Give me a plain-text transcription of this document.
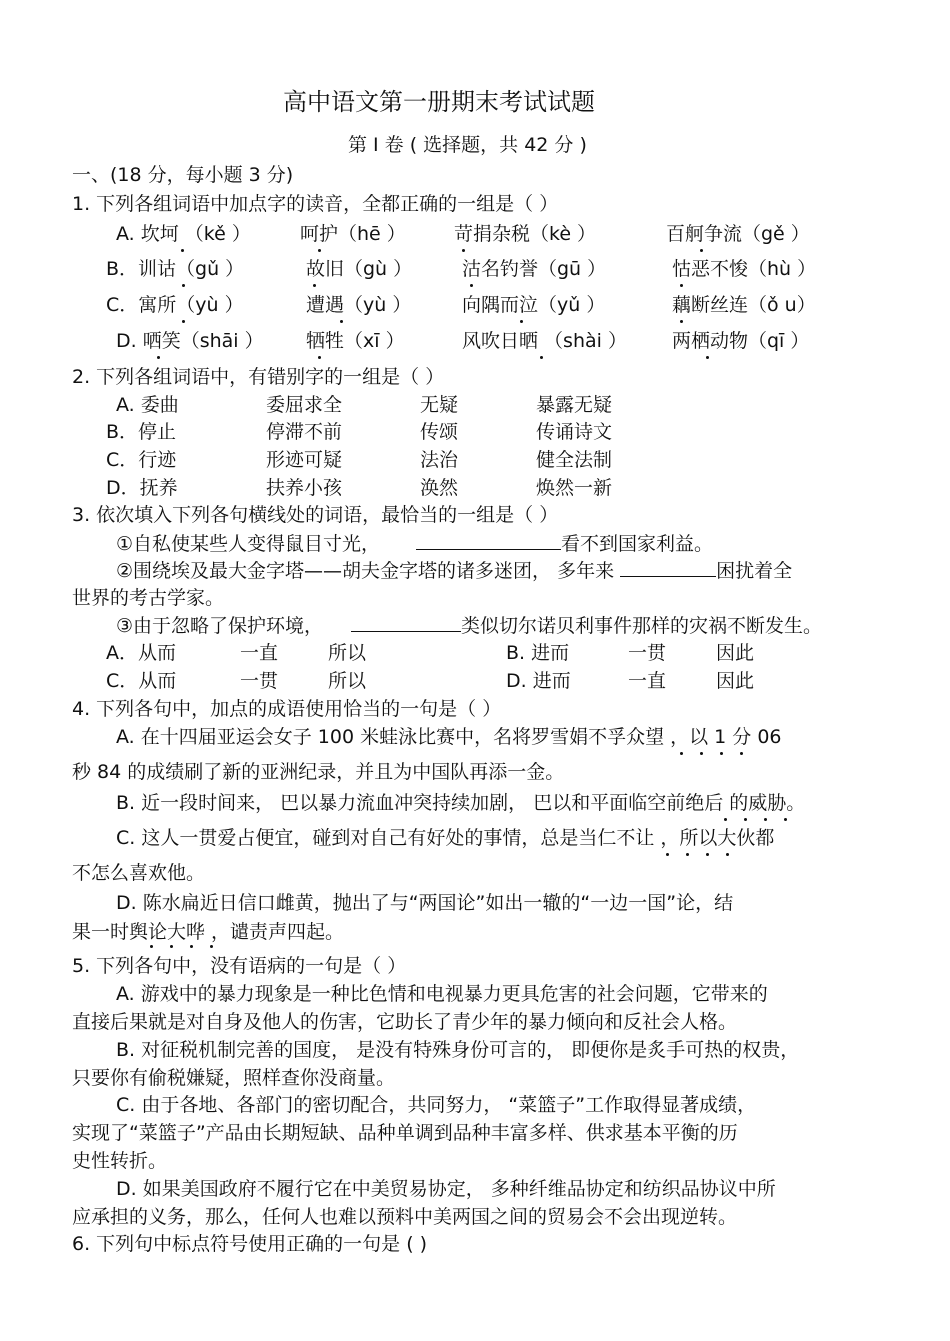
高中语文第一册期末考试试题
第 I 卷 ( 选择题，共 42 分 )
一、(18 分，每小题 3 分)
1. 下列各组词语中加点字的读音，全都正确的一组是（ ）
A. 坎坷 （kě ）	呵护（hē ）	苛捐杂税（kè ）	百舸争流（gě ）
B．训诂（gǔ ）	故旧（gù ）	沽名钓誉（gū ）	怙恶不悛（hù ）
C．寓所（yù ）	遭遇（yù ）	向隅而泣（yǔ ）	藕断丝连（ǒ u）
D. 哂笑（shāi ） 牺牲（xī ）	风吹日晒 （shài ） 两栖动物（qī ）
2. 下列各组词语中，有错别字的一组是（ ）
A. 委曲	委屈求全	无疑	暴露无疑
B．停止	停滞不前	传颂	传诵诗文
C．行迹	形迹可疑	法治	健全法制
D．抚养	扶养小孩	涣然	焕然一新
3. 依次填入下列各句横线处的词语，最恰当的一组是（ ）
①自私使某些人变得鼠目寸光，	看不到国家利益。
②围绕埃及最大金字塔——胡夫金字塔的诸多迷团， 多年来	困扰着全
世界的考古学家。
③由于忽略了保护环境，	类似切尔诺贝利事件那样的灾祸不断发生。
A．从而	一直	所以	B. 进而	一贯	因此
C．从而	一贯	所以	D. 进而	一直	因此
4. 下列各句中，加点的成语使用恰当的一句是（ ）
A. 在十四届亚运会女子 100 米蛙泳比赛中，名将罗雪娟不孚众望 ，以 1 分 06
秒 84 的成绩刷了新的亚洲纪录，并且为中国队再添一金。
B. 近一段时间来， 巴以暴力流血冲突持续加剧， 巴以和平面临空前绝后 的威胁。
C. 这人一贯爱占便宜，碰到对自己有好处的事情，总是当仁不让 ，所以大伙都
不怎么喜欢他。
D. 陈水扁近日信口雌黄，抛出了与“两国论”如出一辙的“一边一国”论，结
果一时舆论大哗 ，谴责声四起。
5. 下列各句中，没有语病的一句是（ ）
A. 游戏中的暴力现象是一种比色情和电视暴力更具危害的社会问题，它带来的
直接后果就是对自身及他人的伤害，它助长了青少年的暴力倾向和反社会人格。
B. 对征税机制完善的国度， 是没有特殊身份可言的， 即便你是炙手可热的权贵，
只要你有偷税嫌疑，照样查你没商量。
C. 由于各地、各部门的密切配合，共同努力， “菜篮子”工作取得显著成绩，
实现了“菜篮子”产品由长期短缺、品种单调到品种丰富多样、供求基本平衡的历
史性转折。
D. 如果美国政府不履行它在中美贸易协定， 多种纤维品协定和纺织品协议中所
应承担的义务，那么，任何人也难以预料中美两国之间的贸易会不会出现逆转。
6. 下列句中标点符号使用正确的一句是 ( )
